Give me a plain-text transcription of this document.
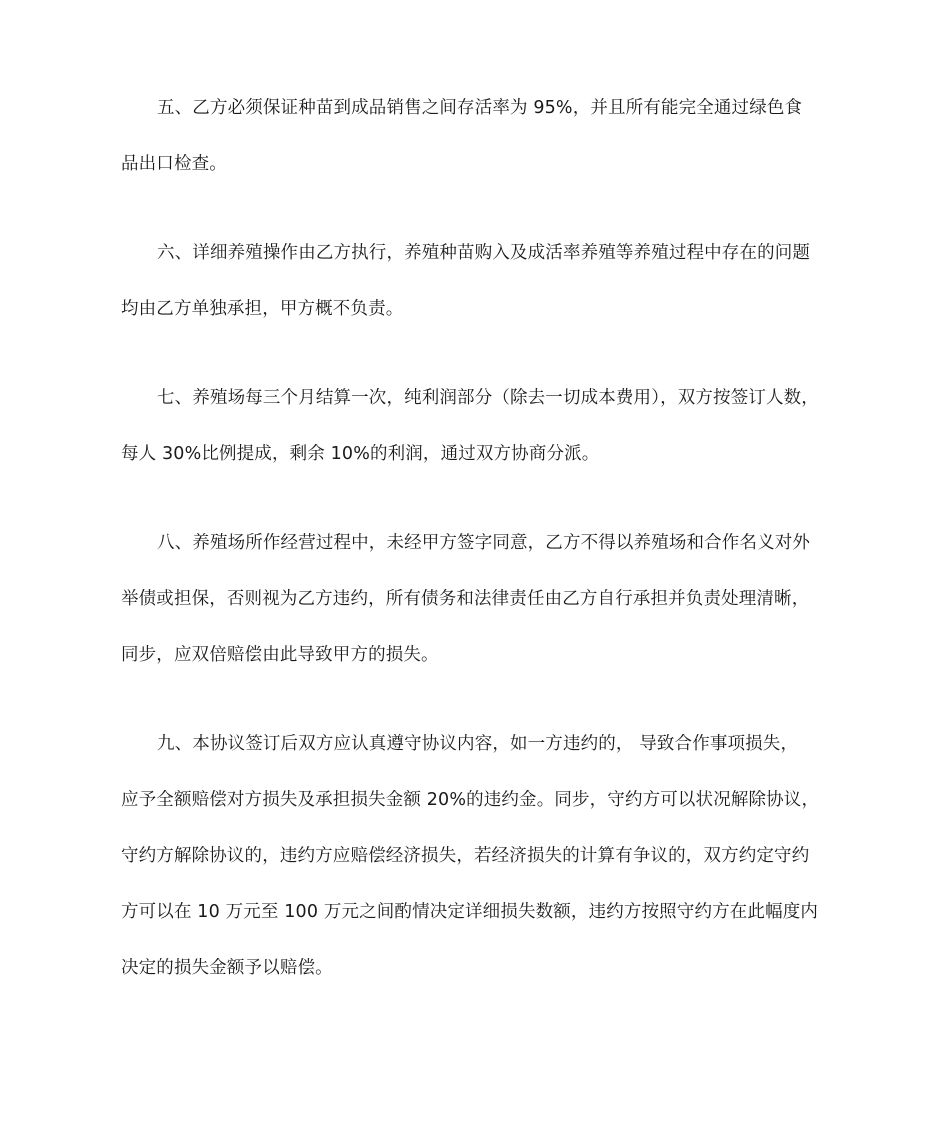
五、乙方必须保证种苗到成品销售之间存活率为 95%，并且所有能完全通过绿色食
品出口检查。
六、详细养殖操作由乙方执行，养殖种苗购入及成活率养殖等养殖过程中存在的问题
均由乙方单独承担，甲方概不负责。
七、养殖场每三个月结算一次，纯利润部分（除去一切成本费用），双方按签订人数，
每人 30%比例提成，剩余 10%的利润，通过双方协商分派。
八、养殖场所作经营过程中，未经甲方签字同意，乙方不得以养殖场和合作名义对外
举债或担保，否则视为乙方违约，所有债务和法律责任由乙方自行承担并负责处理清晰，
同步，应双倍赔偿由此导致甲方的损失。
九、本协议签订后双方应认真遵守协议内容，如一方违约的， 导致合作事项损失，
应予全额赔偿对方损失及承担损失金额 20%的违约金。同步，守约方可以状况解除协议，
守约方解除协议的，违约方应赔偿经济损失，若经济损失的计算有争议的，双方约定守约
方可以在 10 万元至 100 万元之间酌情决定详细损失数额，违约方按照守约方在此幅度内
决定的损失金额予以赔偿。
